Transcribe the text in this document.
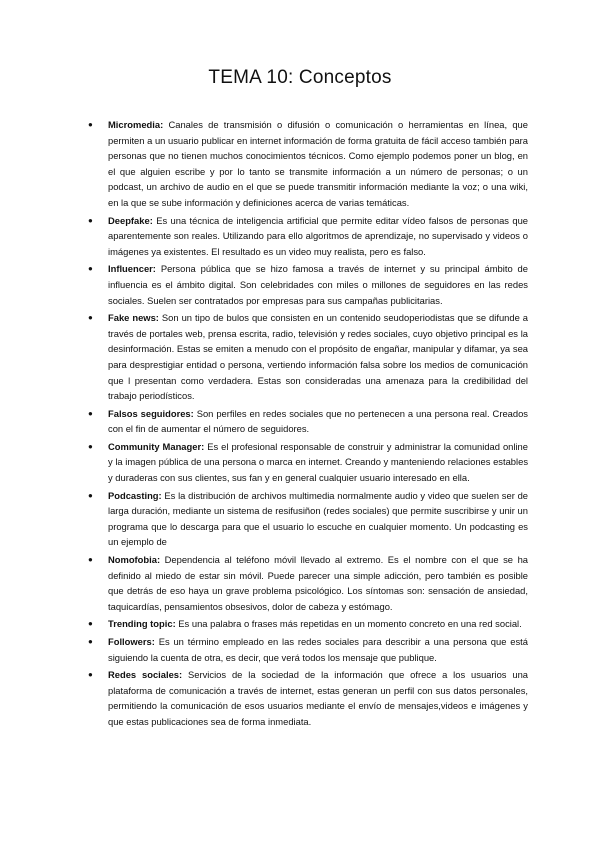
TEMA 10: Conceptos
●	Micromedia: Canales de transmisión o difusión o comunicación o herramientas en línea, que permiten a un usuario publicar en internet información de forma gratuita de fácil acceso también para personas que no tienen muchos conocimientos técnicos. Como ejemplo podemos poner un blog, en el que alguien escribe y por lo tanto se transmite información a un número de personas; o un podcast, un archivo de audio en el que se puede transmitir información mediante la voz; o una wiki, en la que se sube información y definiciones acerca de varias temáticas.
●	Deepfake: Es una técnica de inteligencia artificial que permite editar vídeo falsos de personas que aparentemente son reales. Utilizando para ello algoritmos de aprendizaje, no supervisado y videos o imágenes ya existentes. El resultado es un video muy realista, pero es falso.
●	Influencer: Persona pública que se hizo famosa a través de internet y su principal ámbito de influencia es el ámbito digital. Son celebridades con miles o millones de seguidores en las redes sociales. Suelen ser contratados por empresas para sus campañas publicitarias.
●	Fake news: Son un tipo de bulos que consisten en un contenido seudoperiodistas que se difunde a través de portales web, prensa escrita, radio, televisión y redes sociales, cuyo objetivo principal es la desinformación. Estas se emiten a menudo con el propósito de engañar, manipular y difamar, ya sea para desprestigiar entidad o persona, vertiendo información falsa sobre los medios de comunicación que l presentan como verdadera. Estas son consideradas una amenaza para la credibilidad del trabajo periodísticos.
●	Falsos seguidores: Son perfiles en redes sociales que no pertenecen a una persona real. Creados con el fin de aumentar el número de seguidores.
●	Community Manager: Es el profesional responsable de construir y administrar la comunidad online y la imagen pública de una persona o marca en internet. Creando y manteniendo relaciones estables y duraderas con sus clientes, sus fan y en general cualquier usuario interesado en ella.
●	Podcasting: Es la distribución de archivos multimedia normalmente audio y video que suelen ser de larga duración, mediante un sistema de resifusiñon (redes sociales) que permite suscribirse y unir un programa que lo descarga para que el usuario lo escuche en cualquier momento. Un podcasting es un ejemplo de
●	Nomofobia: Dependencia al teléfono móvil llevado al extremo. Es el nombre con el que se ha definido al miedo de estar sin móvil. Puede parecer una simple adicción, pero también es posible que detrás de eso haya un grave problema psicológico. Los síntomas son: sensación de ansiedad, taquicardías, pensamientos obsesivos, dolor de cabeza y estómago.
●	Trending topic: Es una palabra o frases más repetidas en un momento concreto en una red social.
●	Followers: Es un término empleado en las redes sociales para describir a una persona que está siguiendo la cuenta de otra, es decir, que verá todos los mensaje que publique.
●	Redes sociales: Servicios de la sociedad de la información que ofrece a los usuarios una plataforma de comunicación a través de internet, estas generan un perfil con sus datos personales, permitiendo la comunicación de esos usuarios mediante el envío de mensajes,videos e imágenes y que estas publicaciones sea de forma inmediata.
